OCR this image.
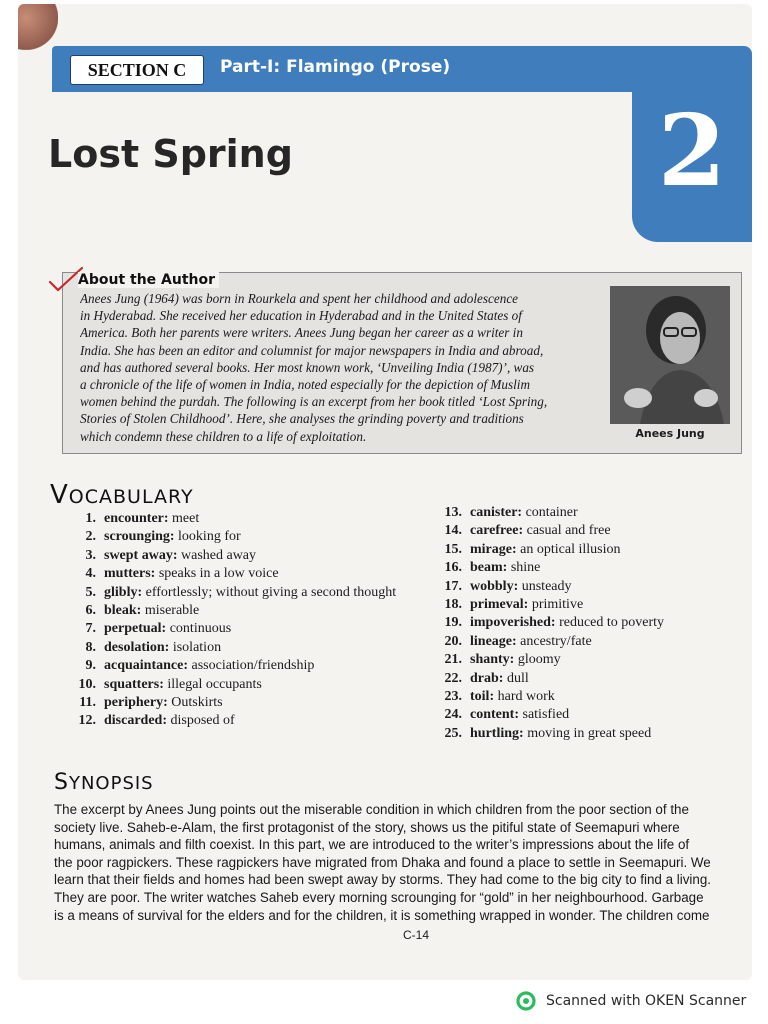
SECTION C	Part-I: Flamingo (Prose)
2
Lost Spring
About the Author
Anees Jung (1964) was born in Rourkela and spent her childhood and adolescence
in Hyderabad. She received her education in Hyderabad and in the United States of
America. Both her parents were writers. Anees Jung began her career as a writer in
India. She has been an editor and columnist for major newspapers in India and abroad,
and has authored several books. Her most known work, ‘Unveiling India (1987)’, was
a chronicle of the life of women in India, noted especially for the depiction of Muslim
women behind the purdah. The following is an excerpt from her book titled ‘Lost Spring,
Stories of Stolen Childhood’. Here, she analyses the grinding poverty and traditions
which condemn these children to a life of exploitation.	Anees Jung
VOCABULARY
1. encounter: meet
2. scrounging: looking for
3. swept away: washed away
4. mutters: speaks in a low voice
5. glibly: effortlessly; without giving a second thought
6. bleak: miserable
7. perpetual: continuous
8. desolation: isolation
9. acquaintance: association/friendship
10. squatters: illegal occupants
11. periphery: Outskirts
12. discarded: disposed of
13. canister: container
14. carefree: casual and free
15. mirage: an optical illusion
16. beam: shine
17. wobbly: unsteady
18. primeval: primitive
19. impoverished: reduced to poverty
20. lineage: ancestry/fate
21. shanty: gloomy
22. drab: dull
23. toil: hard work
24. content: satisfied
25. hurtling: moving in great speed
SYNOPSIS
The excerpt by Anees Jung points out the miserable condition in which children from the poor section of the
society live. Saheb-e-Alam, the first protagonist of the story, shows us the pitiful state of Seemapuri where
humans, animals and filth coexist. In this part, we are introduced to the writer’s impressions about the life of
the poor ragpickers. These ragpickers have migrated from Dhaka and found a place to settle in Seemapuri. We
learn that their fields and homes had been swept away by storms. They had come to the big city to find a living.
They are poor. The writer watches Saheb every morning scrounging for “gold” in her neighbourhood. Garbage
is a means of survival for the elders and for the children, it is something wrapped in wonder. The children come
C-14
Scanned with OKEN Scanner
